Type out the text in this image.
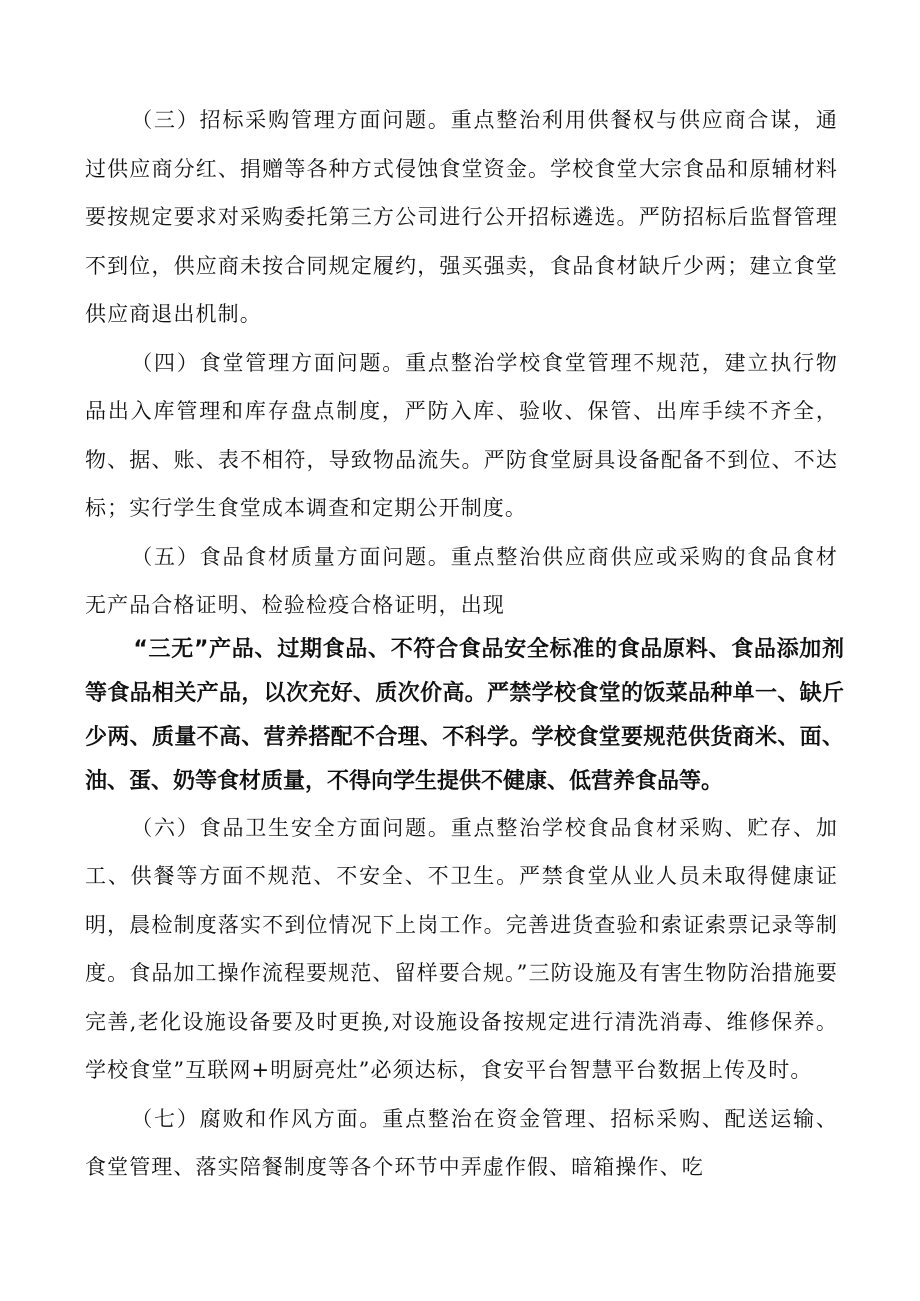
（三）招标采购管理方面问题。重点整治利用供餐权与供应商合谋，通过供应商分红、捐赠等各种方式侵蚀食堂资金。学校食堂大宗食品和原辅材料要按规定要求对采购委托第三方公司进行公开招标遴选。严防招标后监督管理不到位，供应商未按合同规定履约，强买强卖，食品食材缺斤少两；建立食堂供应商退出机制。

（四）食堂管理方面问题。重点整治学校食堂管理不规范，建立执行物品出入库管理和库存盘点制度，严防入库、验收、保管、出库手续不齐全，物、据、账、表不相符，导致物品流失。严防食堂厨具设备配备不到位、不达标；实行学生食堂成本调查和定期公开制度。

（五）食品食材质量方面问题。重点整治供应商供应或采购的食品食材无产品合格证明、检验检疫合格证明，出现

“三无”产品、过期食品、不符合食品安全标准的食品原料、食品添加剂等食品相关产品，以次充好、质次价高。严禁学校食堂的饭菜品种单一、缺斤少两、质量不高、营养搭配不合理、不科学。学校食堂要规范供货商米、面、油、蛋、奶等食材质量，不得向学生提供不健康、低营养食品等。

（六）食品卫生安全方面问题。重点整治学校食品食材采购、贮存、加工、供餐等方面不规范、不安全、不卫生。严禁食堂从业人员未取得健康证明，晨检制度落实不到位情况下上岗工作。完善进货查验和索证索票记录等制度。食品加工操作流程要规范、留样要合规。”三防设施及有害生物防治措施要完善,老化设施设备要及时更换,对设施设备按规定进行清洗消毒、维修保养。学校食堂”互联网+明厨亮灶”必须达标，食安平台智慧平台数据上传及时。

（七）腐败和作风方面。重点整治在资金管理、招标采购、配送运输、食堂管理、落实陪餐制度等各个环节中弄虚作假、暗箱操作、吃
